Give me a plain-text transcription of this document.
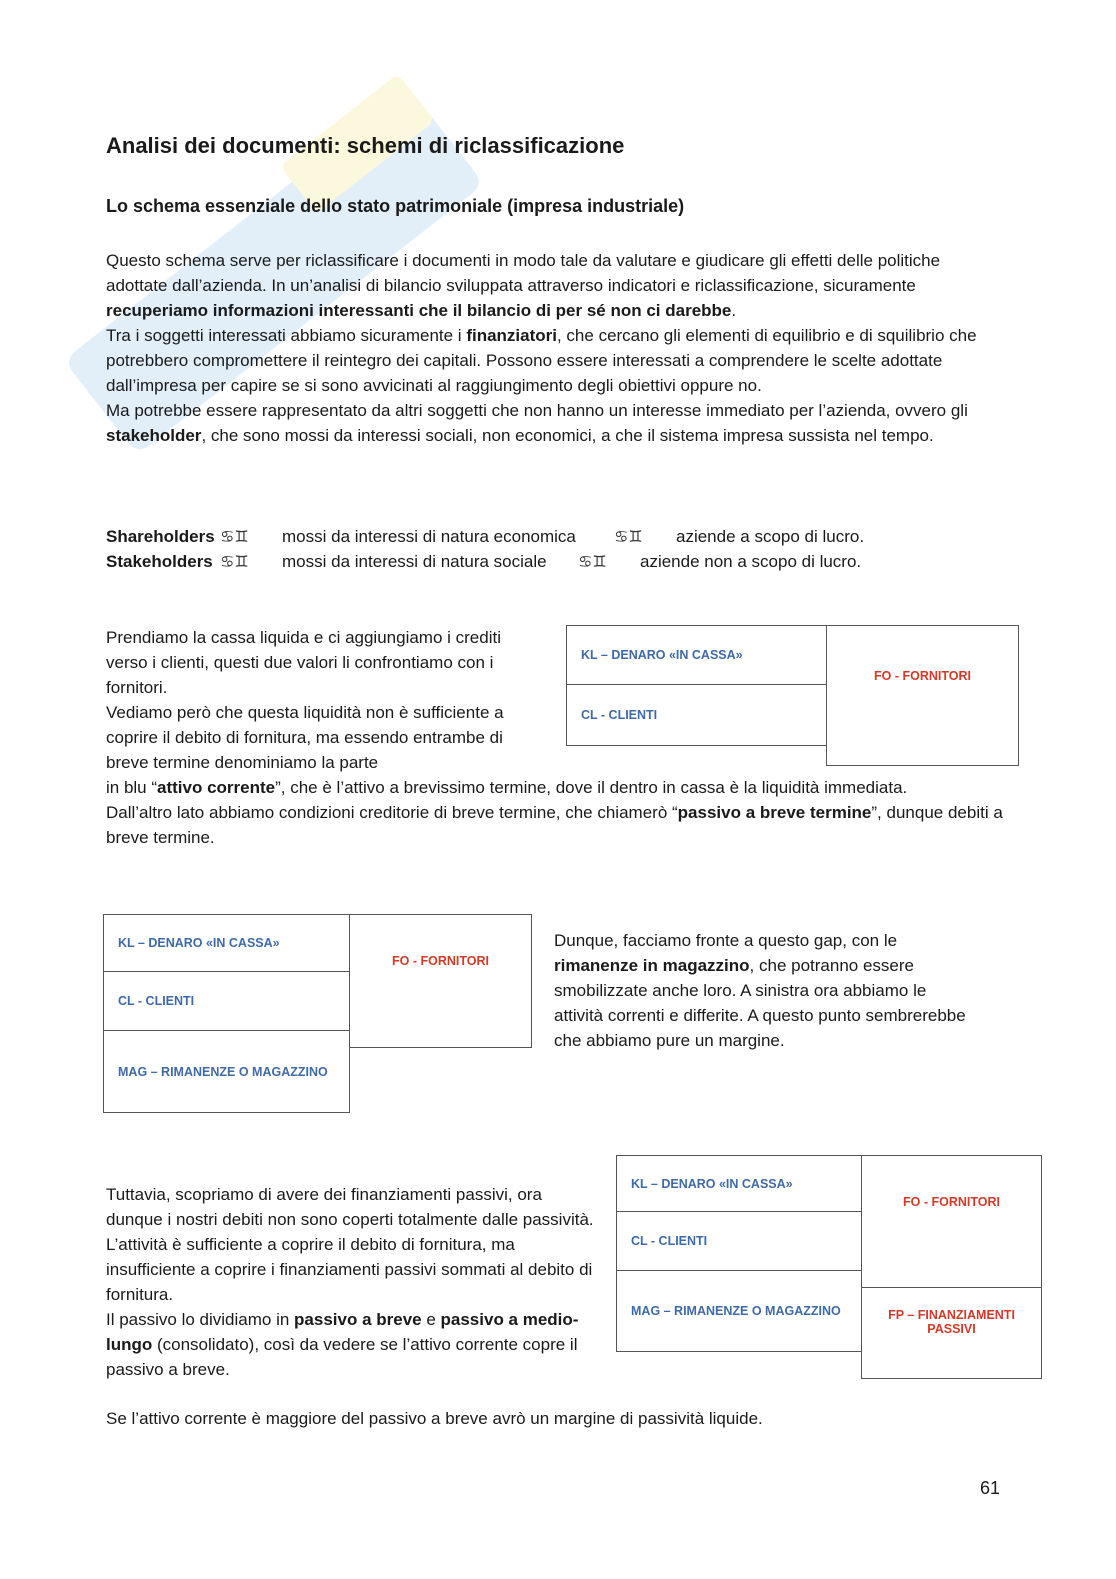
Analisi dei documenti: schemi di riclassificazione
Lo schema essenziale dello stato patrimoniale (impresa industriale)

Questo schema serve per riclassificare i documenti in modo tale da valutare e giudicare gli effetti delle politiche adottate dall’azienda. In un’analisi di bilancio sviluppata attraverso indicatori e riclassificazione, sicuramente recuperiamo informazioni interessanti che il bilancio di per sé non ci darebbe.
Tra i soggetti interessati abbiamo sicuramente i finanziatori, che cercano gli elementi di equilibrio e di squilibrio che potrebbero compromettere il reintegro dei capitali. Possono essere interessati a comprendere le scelte adottate dall’impresa per capire se si sono avvicinati al raggiungimento degli obiettivi oppure no.
Ma potrebbe essere rappresentato da altri soggetti che non hanno un interesse immediato per l’azienda, ovvero gli stakeholder, che sono mossi da interessi sociali, non economici, a che il sistema impresa sussista nel tempo.

Shareholders ♋♊ mossi da interessi di natura economica ♋♊ aziende a scopo di lucro.
Stakeholders ♋♊ mossi da interessi di natura sociale ♋♊ aziende non a scopo di lucro.

Prendiamo la cassa liquida e ci aggiungiamo i crediti verso i clienti, questi due valori li confrontiamo con i fornitori.
Vediamo però che questa liquidità non è sufficiente a coprire il debito di fornitura, ma essendo entrambe di breve termine denominiamo la parte

in blu “attivo corrente”, che è l’attivo a brevissimo termine, dove il dentro in cassa è la liquidità immediata.
Dall’altro lato abbiamo condizioni creditorie di breve termine, che chiamerò “passivo a breve termine”, dunque debiti a breve termine.

KL – DENARO «IN CASSA»
CL - CLIENTI
FO - FORNITORI
KL – DENARO «IN CASSA»
CL - CLIENTI
MAG – RIMANENZE O MAGAZZINO
FO - FORNITORI

Dunque, facciamo fronte a questo gap, con le rimanenze in magazzino, che potranno essere smobilizzate anche loro. A sinistra ora abbiamo le attività correnti e differite. A questo punto sembrerebbe che abbiamo pure un margine.

KL – DENARO «IN CASSA»
CL - CLIENTI
MAG – RIMANENZE O MAGAZZINO
FO - FORNITORI
FP – FINANZIAMENTI PASSIVI

Tuttavia, scopriamo di avere dei finanziamenti passivi, ora dunque i nostri debiti non sono coperti totalmente dalle passività.
L’attività è sufficiente a coprire il debito di fornitura, ma insufficiente a coprire i finanziamenti passivi sommati al debito di fornitura.
Il passivo lo dividiamo in passivo a breve e passivo a medio-lungo (consolidato), così da vedere se l’attivo corrente copre il passivo a breve.

Se l’attivo corrente è maggiore del passivo a breve avrò un margine di passività liquide.

61
